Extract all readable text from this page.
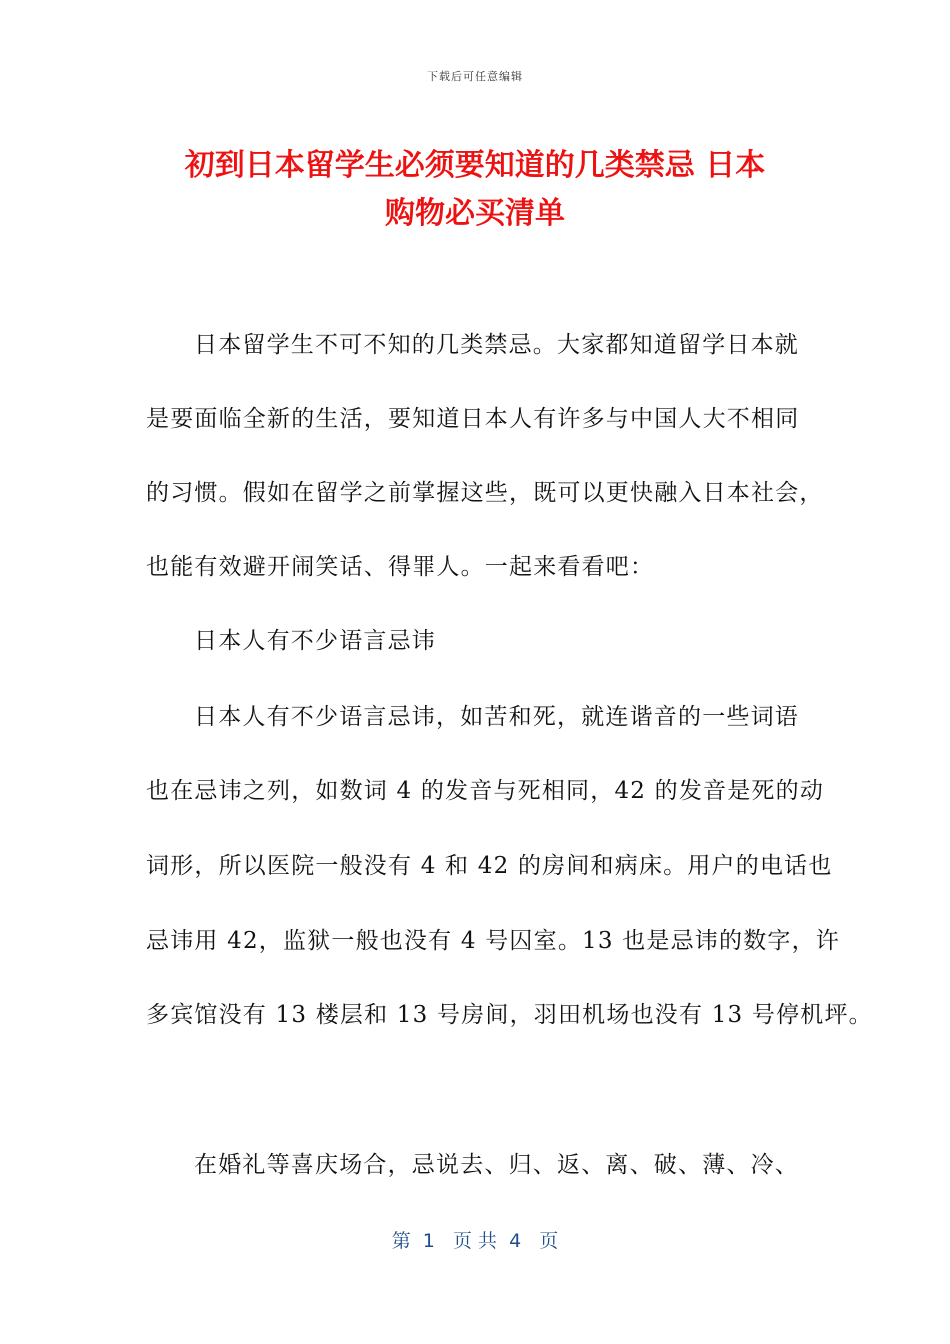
下载后可任意编辑
初到日本留学生必须要知道的几类禁忌 日本
购物必买清单
日本留学生不可不知的几类禁忌。大家都知道留学日本就
是要面临全新的生活，要知道日本人有许多与中国人大不相同
的习惯。假如在留学之前掌握这些，既可以更快融入日本社会，
也能有效避开闹笑话、得罪人。一起来看看吧：
日本人有不少语言忌讳
日本人有不少语言忌讳，如苦和死，就连谐音的一些词语
也在忌讳之列，如数词 4 的发音与死相同，42 的发音是死的动
词形，所以医院一般没有 4 和 42 的房间和病床。用户的电话也
忌讳用 42，监狱一般也没有 4 号囚室。13 也是忌讳的数字，许
多宾馆没有 13 楼层和 13 号房间，羽田机场也没有 13 号停机坪。
在婚礼等喜庆场合，忌说去、归、返、离、破、薄、冷、
第  1   页 共  4   页
